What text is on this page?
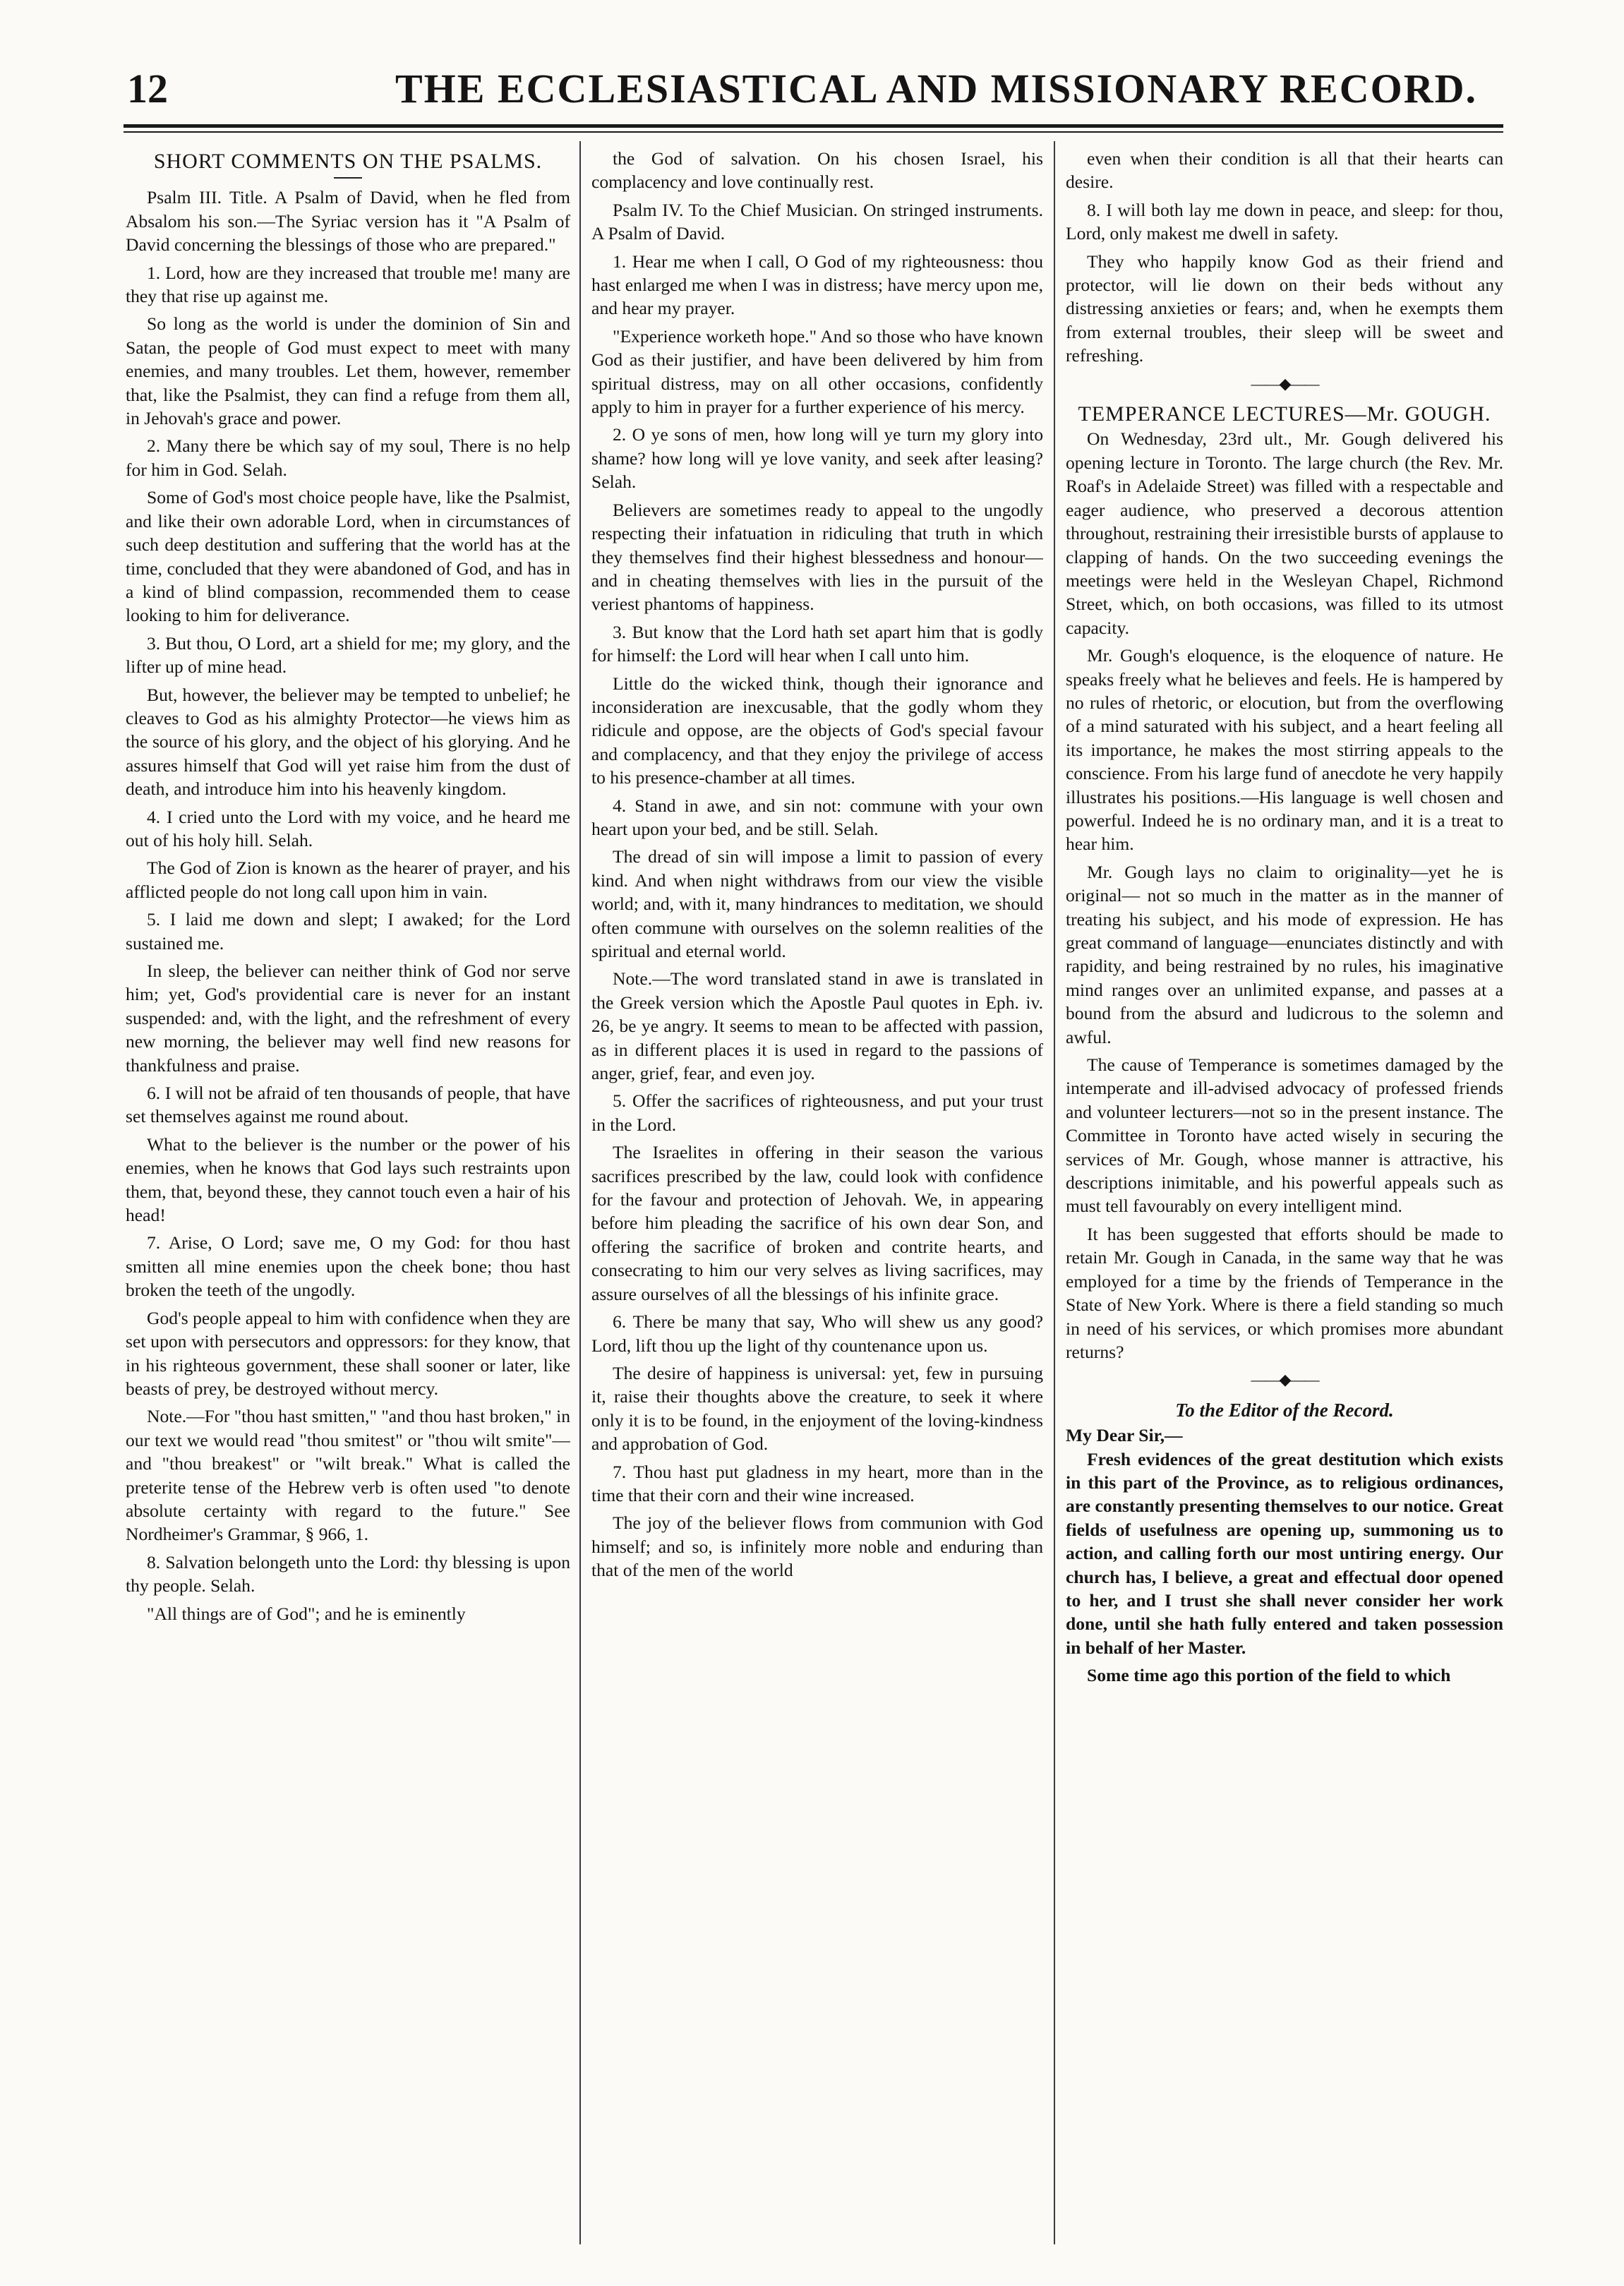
12	THE ECCLESIASTICAL AND MISSIONARY RECORD.
SHORT COMMENTS ON THE PSALMS.

Psalm III. Title. A Psalm of David, when he fled from Absalom his son.—The Syriac version has it "A Psalm of David concerning the blessings of those who are prepared."

1. Lord, how are they increased that trouble me! many are they that rise up against me.

So long as the world is under the dominion of Sin and Satan, the people of God must expect to meet with many enemies, and many troubles. Let them, however, remember that, like the Psalmist, they can find a refuge from them all, in Jehovah's grace and power.

2. Many there be which say of my soul, There is no help for him in God. Selah.

Some of God's most choice people have, like the Psalmist, and like their own adorable Lord, when in circumstances of such deep destitution and suffering that the world has at the time, concluded that they were abandoned of God, and has in a kind of blind compassion, recommended them to cease looking to him for deliverance.

3. But thou, O Lord, art a shield for me; my glory, and the lifter up of mine head.

But, however, the believer may be tempted to unbelief; he cleaves to God as his almighty Protector—he views him as the source of his glory, and the object of his glorying. And he assures himself that God will yet raise him from the dust of death, and introduce him into his heavenly kingdom.

4. I cried unto the Lord with my voice, and he heard me out of his holy hill. Selah.

The God of Zion is known as the hearer of prayer, and his afflicted people do not long call upon him in vain.

5. I laid me down and slept; I awaked; for the Lord sustained me.

In sleep, the believer can neither think of God nor serve him; yet, God's providential care is never for an instant suspended: and, with the light, and the refreshment of every new morning, the believer may well find new reasons for thankfulness and praise.

6. I will not be afraid of ten thousands of people, that have set themselves against me round about.

What to the believer is the number or the power of his enemies, when he knows that God lays such restraints upon them, that, beyond these, they cannot touch even a hair of his head!

7. Arise, O Lord; save me, O my God: for thou hast smitten all mine enemies upon the cheek bone; thou hast broken the teeth of the ungodly.

God's people appeal to him with confidence when they are set upon with persecutors and oppressors: for they know, that in his righteous government, these shall sooner or later, like beasts of prey, be destroyed without mercy.

Note.—For "thou hast smitten," "and thou hast broken," in our text we would read "thou smitest" or "thou wilt smite"—and "thou breakest" or "wilt break." What is called the preterite tense of the Hebrew verb is often used "to denote absolute certainty with regard to the future." See Nordheimer's Grammar, § 966, 1.

8. Salvation belongeth unto the Lord: thy blessing is upon thy people. Selah.

"All things are of God"; and he is eminently

the God of salvation. On his chosen Israel, his complacency and love continually rest.

Psalm IV. To the Chief Musician. On stringed instruments. A Psalm of David.

1. Hear me when I call, O God of my righteousness: thou hast enlarged me when I was in distress; have mercy upon me, and hear my prayer.

"Experience worketh hope." And so those who have known God as their justifier, and have been delivered by him from spiritual distress, may on all other occasions, confidently apply to him in prayer for a further experience of his mercy.

2. O ye sons of men, how long will ye turn my glory into shame? how long will ye love vanity, and seek after leasing? Selah.

Believers are sometimes ready to appeal to the ungodly respecting their infatuation in ridiculing that truth in which they themselves find their highest blessedness and honour—and in cheating themselves with lies in the pursuit of the veriest phantoms of happiness.

3. But know that the Lord hath set apart him that is godly for himself: the Lord will hear when I call unto him.

Little do the wicked think, though their ignorance and inconsideration are inexcusable, that the godly whom they ridicule and oppose, are the objects of God's special favour and complacency, and that they enjoy the privilege of access to his presence-chamber at all times.

4. Stand in awe, and sin not: commune with your own heart upon your bed, and be still. Selah.

The dread of sin will impose a limit to passion of every kind. And when night withdraws from our view the visible world; and, with it, many hindrances to meditation, we should often commune with ourselves on the solemn realities of the spiritual and eternal world.

Note.—The word translated stand in awe is translated in the Greek version which the Apostle Paul quotes in Eph. iv. 26, be ye angry. It seems to mean to be affected with passion, as in different places it is used in regard to the passions of anger, grief, fear, and even joy.

5. Offer the sacrifices of righteousness, and put your trust in the Lord.

The Israelites in offering in their season the various sacrifices prescribed by the law, could look with confidence for the favour and protection of Jehovah. We, in appearing before him pleading the sacrifice of his own dear Son, and offering the sacrifice of broken and contrite hearts, and consecrating to him our very selves as living sacrifices, may assure ourselves of all the blessings of his infinite grace.

6. There be many that say, Who will shew us any good? Lord, lift thou up the light of thy countenance upon us.

The desire of happiness is universal: yet, few in pursuing it, raise their thoughts above the creature, to seek it where only it is to be found, in the enjoyment of the loving-kindness and approbation of God.

7. Thou hast put gladness in my heart, more than in the time that their corn and their wine increased.

The joy of the believer flows from communion with God himself; and so, is infinitely more noble and enduring than that of the men of the world

even when their condition is all that their hearts can desire.

8. I will both lay me down in peace, and sleep: for thou, Lord, only makest me dwell in safety.

They who happily know God as their friend and protector, will lie down on their beds without any distressing anxieties or fears; and, when he exempts them from external troubles, their sleep will be sweet and refreshing.

——◆——
TEMPERANCE LECTURES—Mr. GOUGH.

On Wednesday, 23rd ult., Mr. Gough delivered his opening lecture in Toronto. The large church (the Rev. Mr. Roaf's in Adelaide Street) was filled with a respectable and eager audience, who preserved a decorous attention throughout, restraining their irresistible bursts of applause to clapping of hands. On the two succeeding evenings the meetings were held in the Wesleyan Chapel, Richmond Street, which, on both occasions, was filled to its utmost capacity.

Mr. Gough's eloquence, is the eloquence of nature. He speaks freely what he believes and feels. He is hampered by no rules of rhetoric, or elocution, but from the overflowing of a mind saturated with his subject, and a heart feeling all its importance, he makes the most stirring appeals to the conscience. From his large fund of anecdote he very happily illustrates his positions.—His language is well chosen and powerful. Indeed he is no ordinary man, and it is a treat to hear him.

Mr. Gough lays no claim to originality—yet he is original— not so much in the matter as in the manner of treating his subject, and his mode of expression. He has great command of language—enunciates distinctly and with rapidity, and being restrained by no rules, his imaginative mind ranges over an unlimited expanse, and passes at a bound from the absurd and ludicrous to the solemn and awful.

The cause of Temperance is sometimes damaged by the intemperate and ill-advised advocacy of professed friends and volunteer lecturers—not so in the present instance. The Committee in Toronto have acted wisely in securing the services of Mr. Gough, whose manner is attractive, his descriptions inimitable, and his powerful appeals such as must tell favourably on every intelligent mind.

It has been suggested that efforts should be made to retain Mr. Gough in Canada, in the same way that he was employed for a time by the friends of Temperance in the State of New York. Where is there a field standing so much in need of his services, or which promises more abundant returns?

——◆——
To the Editor of the Record.

My Dear Sir,—

Fresh evidences of the great destitution which exists in this part of the Province, as to religious ordinances, are constantly presenting themselves to our notice. Great fields of usefulness are opening up, summoning us to action, and calling forth our most untiring energy. Our church has, I believe, a great and effectual door opened to her, and I trust she shall never consider her work done, until she hath fully entered and taken possession in behalf of her Master.

Some time ago this portion of the field to which
